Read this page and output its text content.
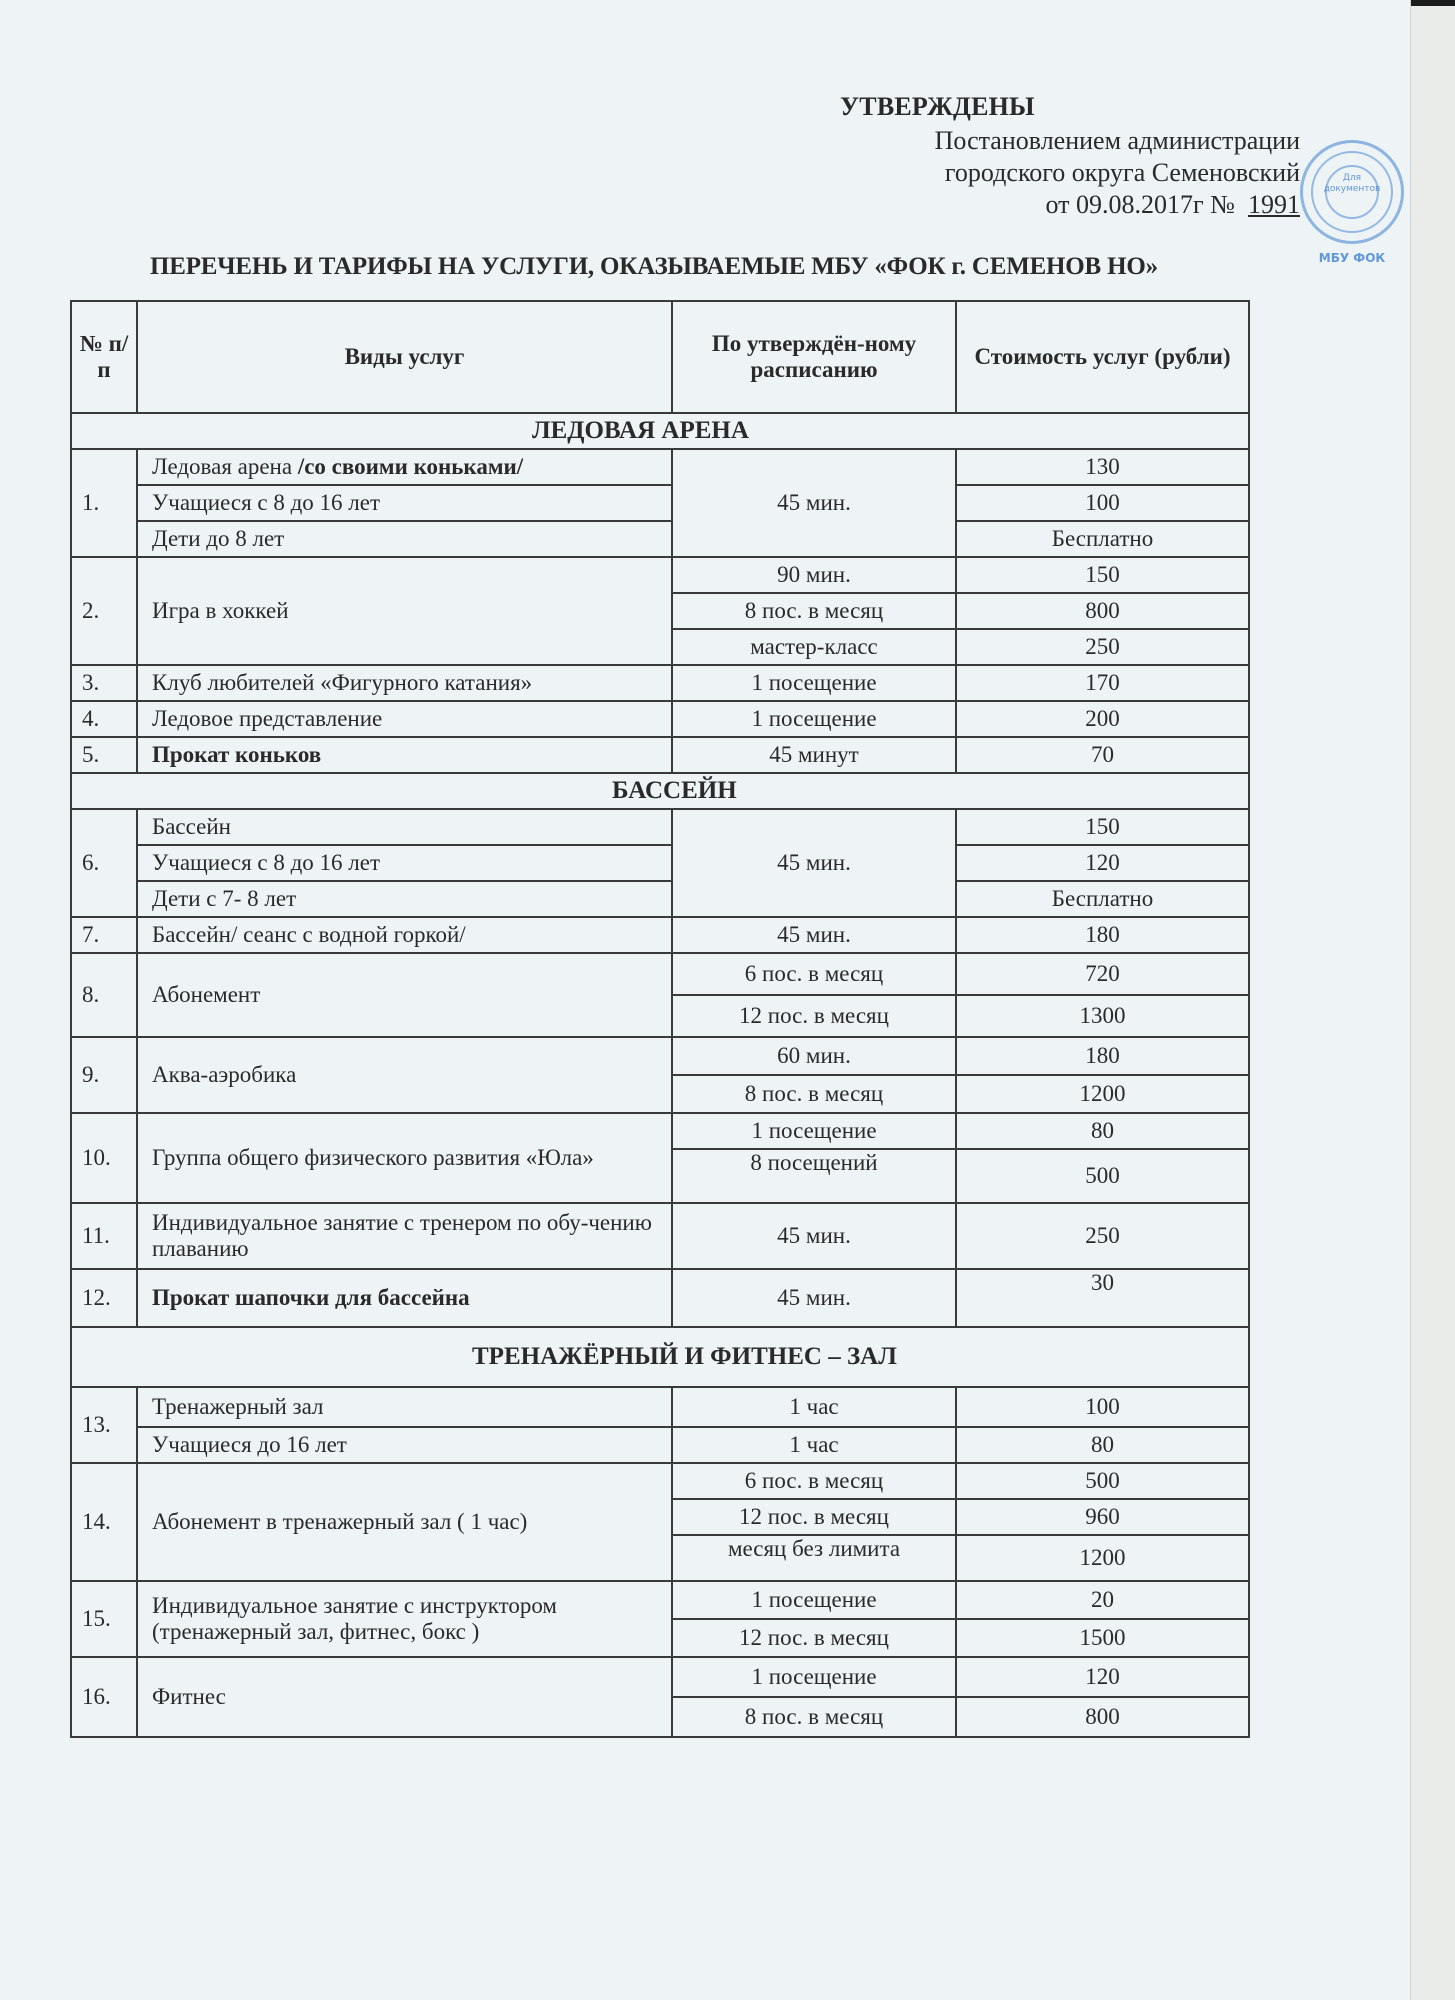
УТВЕРЖДЕНЫ
Постановлением администрации
городского округа Семеновский
от 09.08.2017г № 1991
Для
документов
МБУ ФОК
ПЕРЕЧЕНЬ И ТАРИФЫ НА УСЛУГИ, ОКАЗЫВАЕМЫЕ МБУ «ФОК г. СЕМЕНОВ НО»
№ п/п	Виды услуг	По утверждён-ному расписанию	Стоимость услуг (рубли)
ЛЕДОВАЯ АРЕНА			
1.	Ледовая арена /со своими коньками/	45 мин.	130
	Учащиеся с 8 до 16 лет		100
	Дети до 8 лет		Бесплатно
2.	Игра в хоккей	90 мин.	150
		8 пос. в месяц	800
		мастер-класс	250
3.	Клуб любителей «Фигурного катания»	1 посещение	170
4.	Ледовое представление	1 посещение	200
5.	Прокат коньков	45 минут	70
БАССЕЙН			
6.	Бассейн	45 мин.	150
	Учащиеся с 8 до 16 лет		120
	Дети с 7- 8 лет		Бесплатно
7.	Бассейн/ сеанс с водной горкой/	45 мин.	180
8.	Абонемент	6 пос. в месяц	720
		12 пос. в месяц	1300
9.	Аква-аэробика	60 мин.	180
		8 пос. в месяц	1200
10.	Группа общего физического развития «Юла»	1 посещение	80
		8 посещений	500
11.	Индивидуальное занятие с тренером по обу-чению плаванию	45 мин.	250
12.	Прокат шапочки для бассейна	45 мин.	30
ТРЕНАЖЁРНЫЙ И ФИТНЕС – ЗАЛ			
13.	Тренажерный зал	1 час	100
	Учащиеся до 16 лет	1 час	80
14.	Абонемент в тренажерный зал ( 1 час)	6 пос. в месяц	500
		12 пос. в месяц	960
		месяц без лимита	1200
15.	Индивидуальное занятие с инструктором (тренажерный зал, фитнес, бокс )	1 посещение	20
		12 пос. в месяц	1500
16.	Фитнес	1 посещение	120
		8 пос. в месяц	800
